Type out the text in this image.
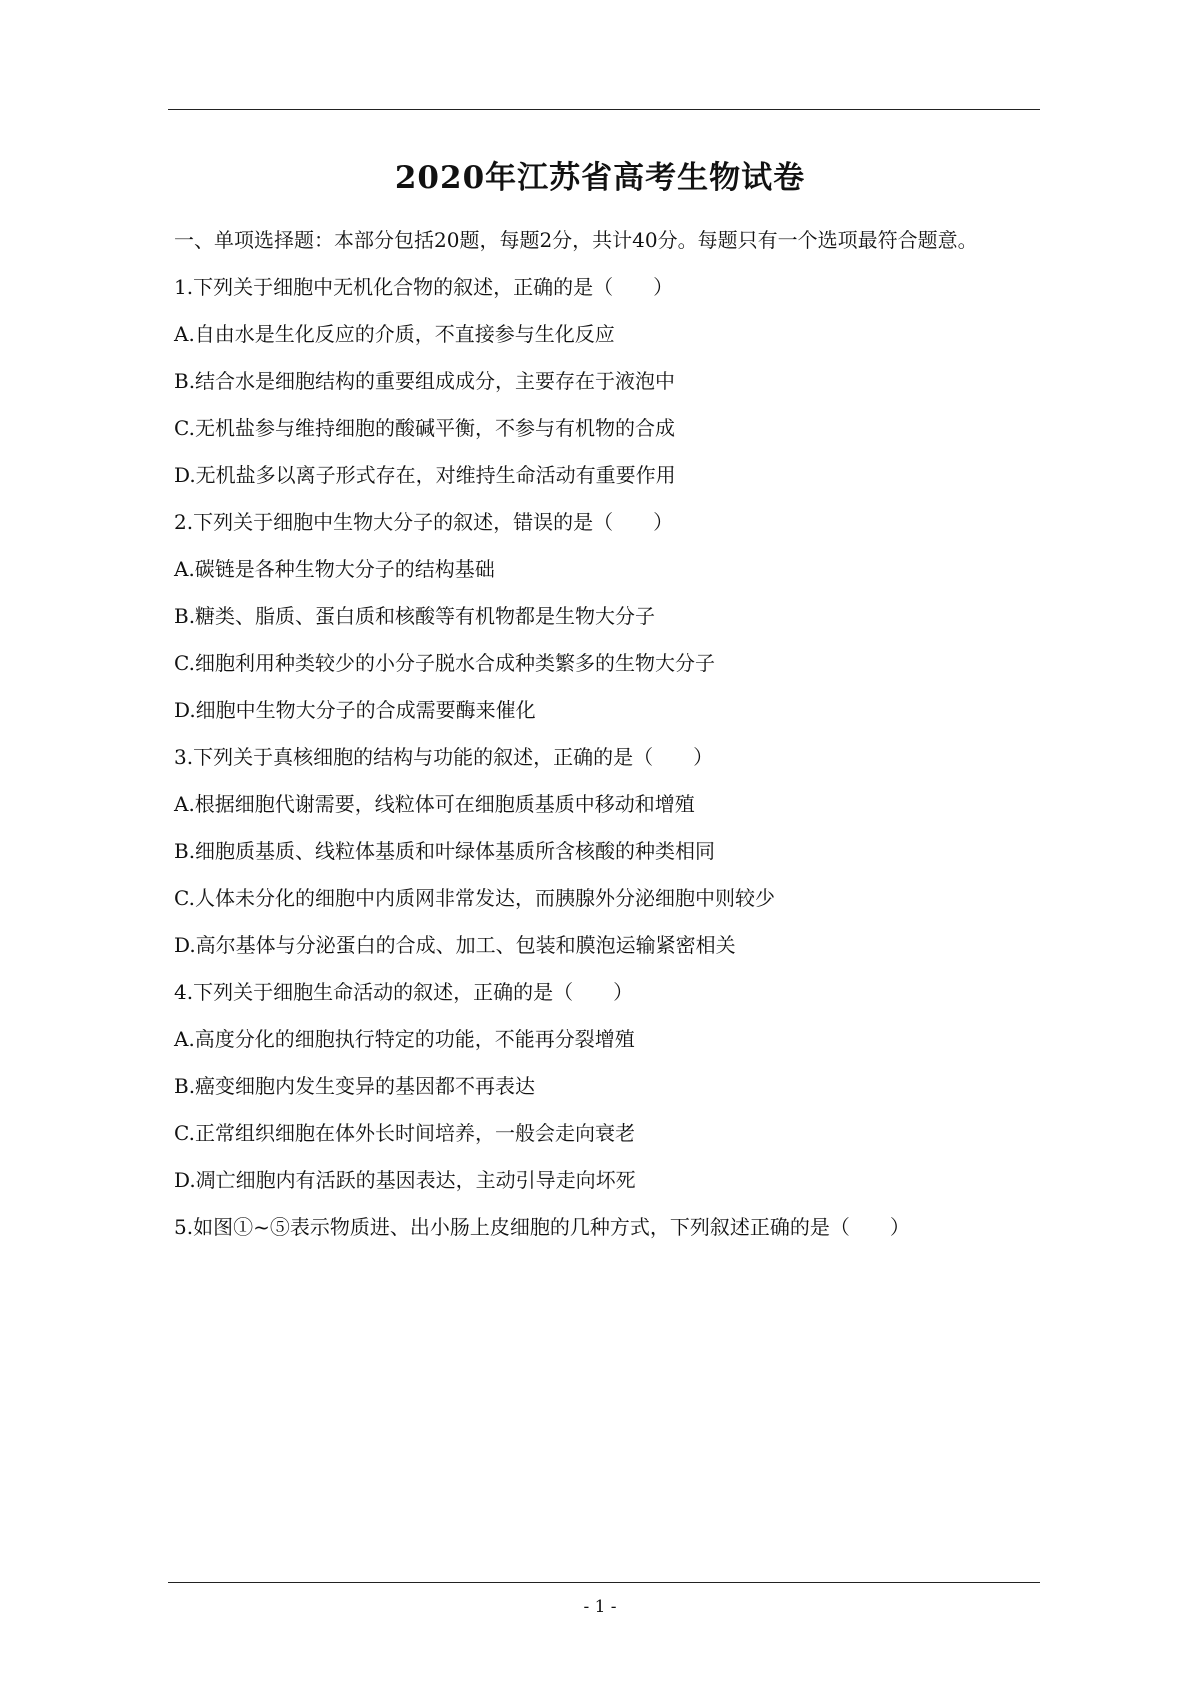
2020年江苏省高考生物试卷

一、单项选择题：本部分包括20题，每题2分，共计40分。每题只有一个选项最符合题意。

1.下列关于细胞中无机化合物的叙述，正确的是（　　）

A.自由水是生化反应的介质，不直接参与生化反应

B.结合水是细胞结构的重要组成成分，主要存在于液泡中

C.无机盐参与维持细胞的酸碱平衡，不参与有机物的合成

D.无机盐多以离子形式存在，对维持生命活动有重要作用

2.下列关于细胞中生物大分子的叙述，错误的是（　　）

A.碳链是各种生物大分子的结构基础

B.糖类、脂质、蛋白质和核酸等有机物都是生物大分子

C.细胞利用种类较少的小分子脱水合成种类繁多的生物大分子

D.细胞中生物大分子的合成需要酶来催化

3.下列关于真核细胞的结构与功能的叙述，正确的是（　　）

A.根据细胞代谢需要，线粒体可在细胞质基质中移动和增殖

B.细胞质基质、线粒体基质和叶绿体基质所含核酸的种类相同

C.人体未分化的细胞中内质网非常发达，而胰腺外分泌细胞中则较少

D.高尔基体与分泌蛋白的合成、加工、包装和膜泡运输紧密相关

4.下列关于细胞生命活动的叙述，正确的是（　　）

A.高度分化的细胞执行特定的功能，不能再分裂增殖

B.癌变细胞内发生变异的基因都不再表达

C.正常组织细胞在体外长时间培养，一般会走向衰老

D.凋亡细胞内有活跃的基因表达，主动引导走向坏死

5.如图①~⑤表示物质进、出小肠上皮细胞的几种方式，下列叙述正确的是（　　）

- 1 -
